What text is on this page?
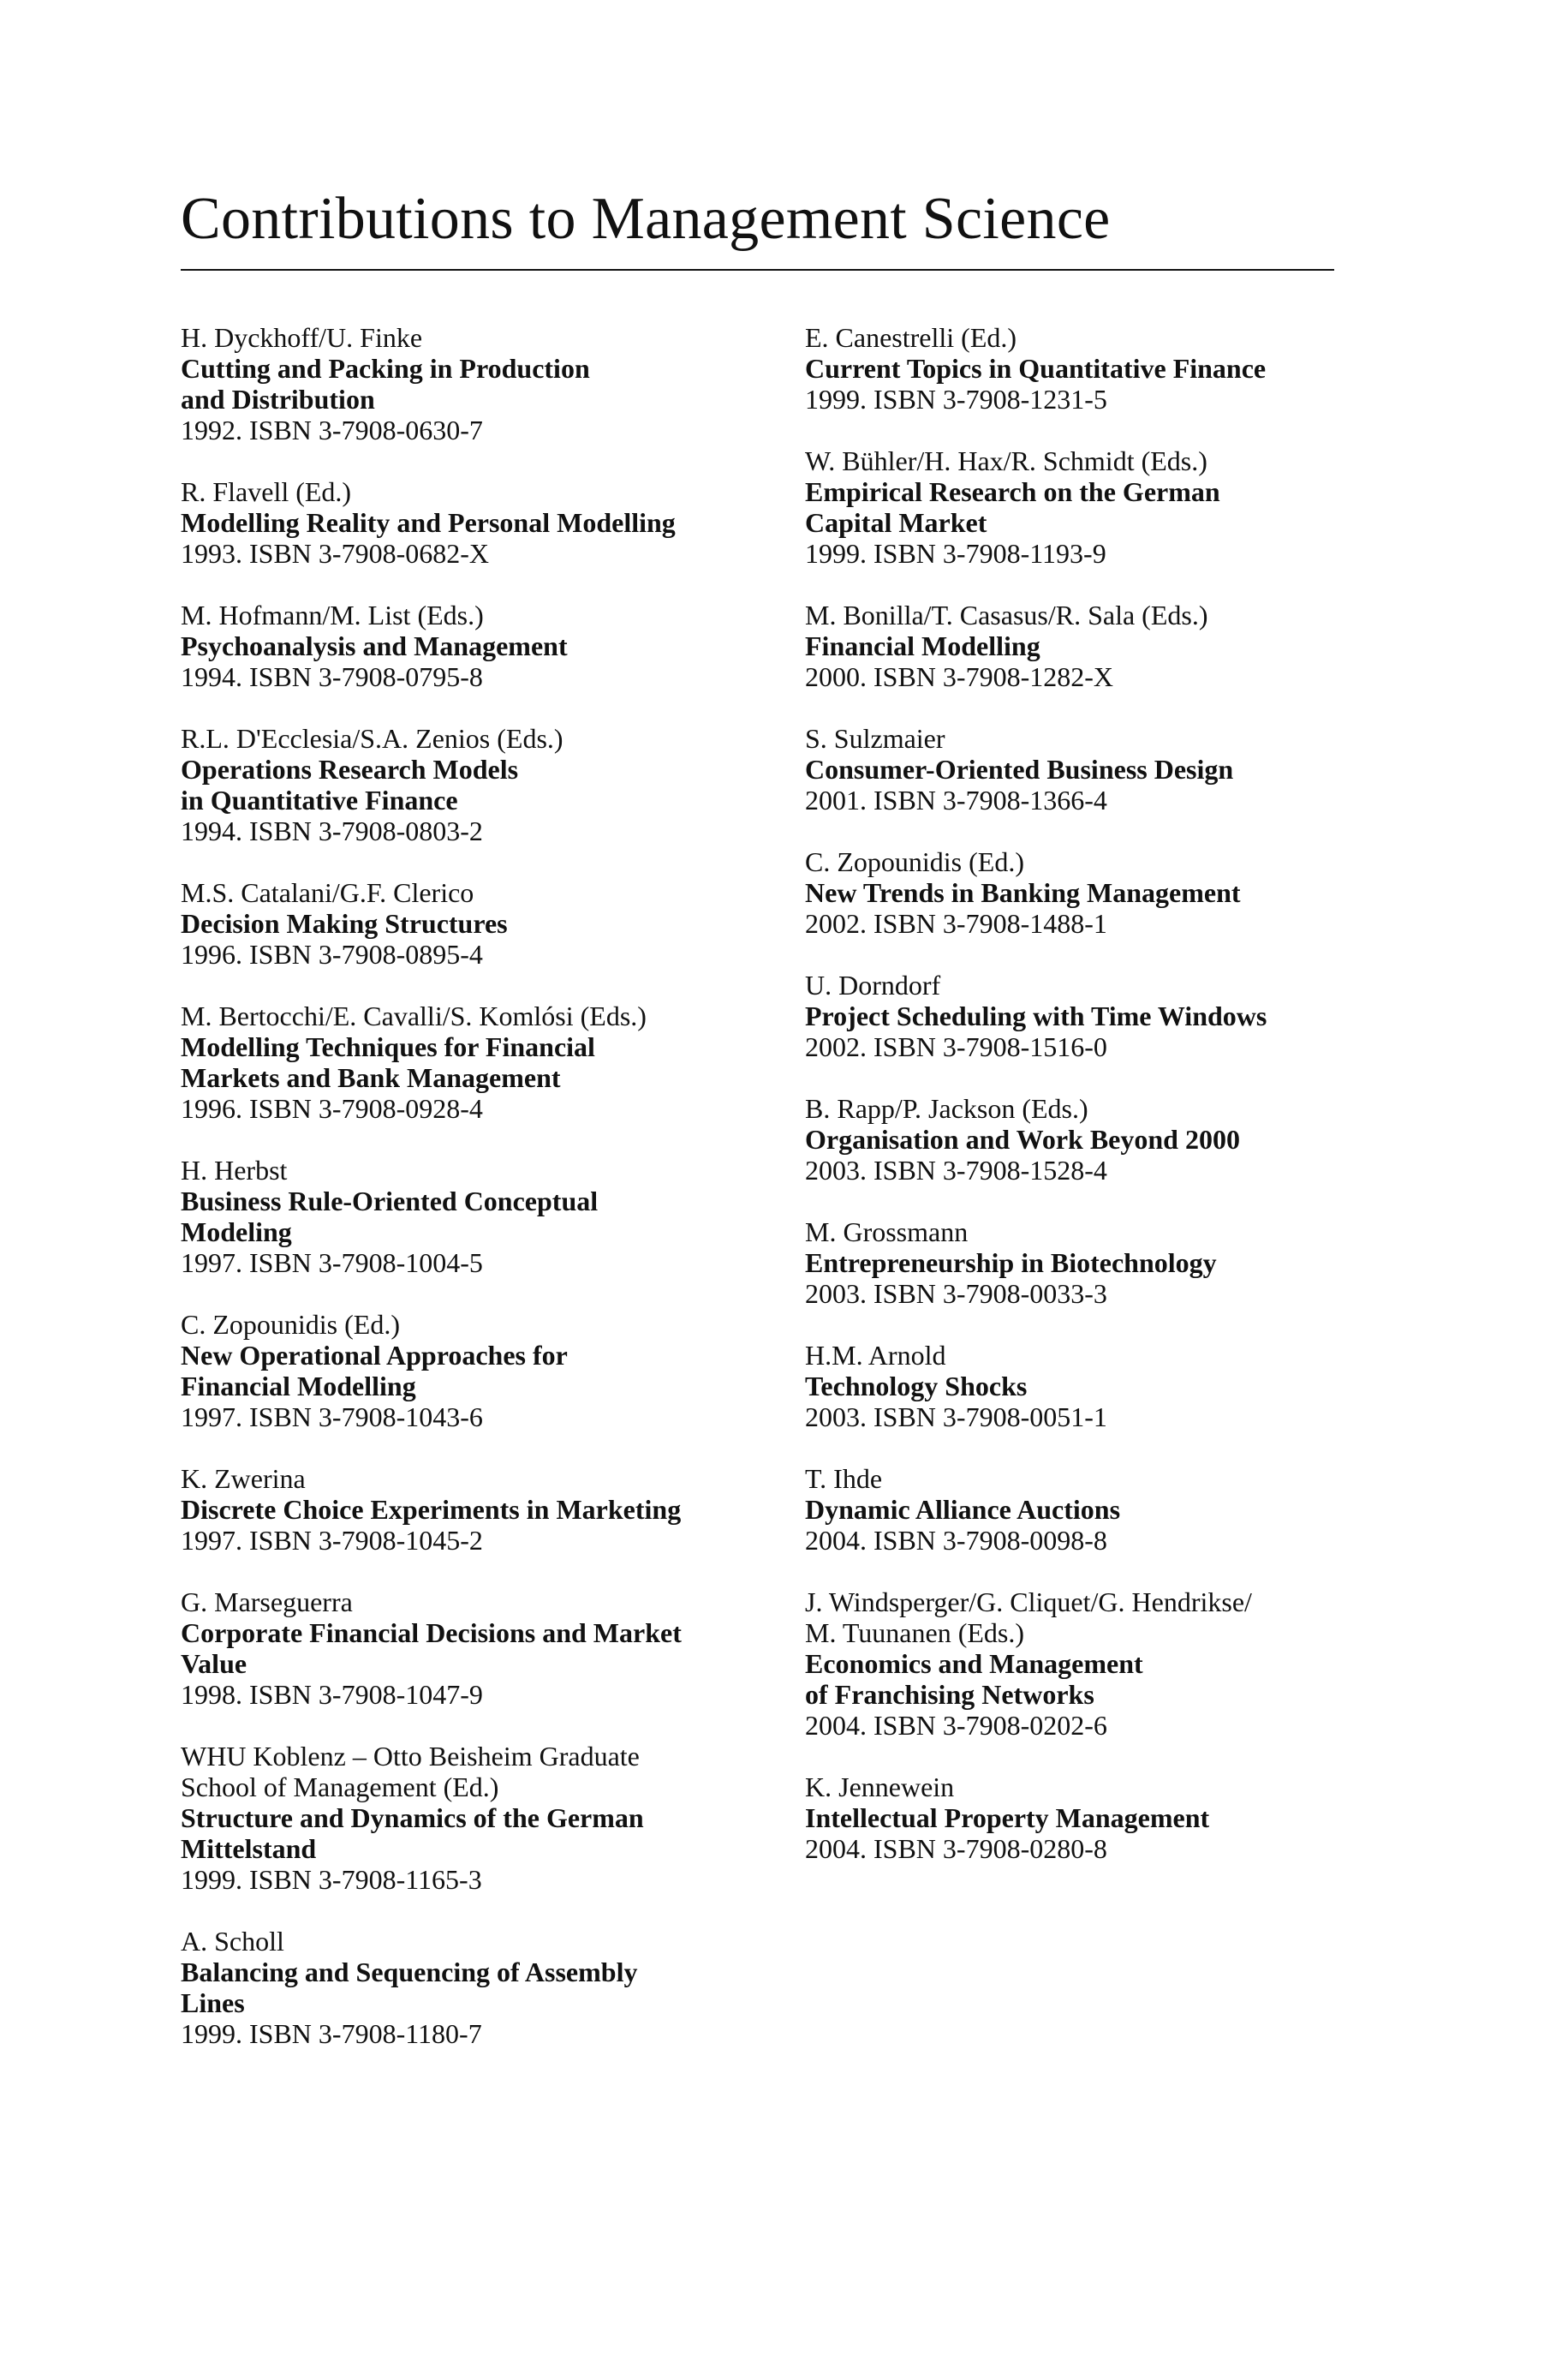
Contributions to Management Science
H. Dyckhoff/U. Finke
Cutting and Packing in Production
and Distribution
1992. ISBN 3-7908-0630-7
R. Flavell (Ed.)
Modelling Reality and Personal Modelling
1993. ISBN 3-7908-0682-X
M. Hofmann/M. List (Eds.)
Psychoanalysis and Management
1994. ISBN 3-7908-0795-8
R.L. D'Ecclesia/S.A. Zenios (Eds.)
Operations Research Models
in Quantitative Finance
1994. ISBN 3-7908-0803-2
M.S. Catalani/G.F. Clerico
Decision Making Structures
1996. ISBN 3-7908-0895-4
M. Bertocchi/E. Cavalli/S. Komlósi (Eds.)
Modelling Techniques for Financial
Markets and Bank Management
1996. ISBN 3-7908-0928-4
H. Herbst
Business Rule-Oriented Conceptual
Modeling
1997. ISBN 3-7908-1004-5
C. Zopounidis (Ed.)
New Operational Approaches for
Financial Modelling
1997. ISBN 3-7908-1043-6
K. Zwerina
Discrete Choice Experiments in Marketing
1997. ISBN 3-7908-1045-2
G. Marseguerra
Corporate Financial Decisions and Market
Value
1998. ISBN 3-7908-1047-9
WHU Koblenz – Otto Beisheim Graduate
School of Management (Ed.)
Structure and Dynamics of the German
Mittelstand
1999. ISBN 3-7908-1165-3
A. Scholl
Balancing and Sequencing of Assembly
Lines
1999. ISBN 3-7908-1180-7
E. Canestrelli (Ed.)
Current Topics in Quantitative Finance
1999. ISBN 3-7908-1231-5
W. Bühler/H. Hax/R. Schmidt (Eds.)
Empirical Research on the German
Capital Market
1999. ISBN 3-7908-1193-9
M. Bonilla/T. Casasus/R. Sala (Eds.)
Financial Modelling
2000. ISBN 3-7908-1282-X
S. Sulzmaier
Consumer-Oriented Business Design
2001. ISBN 3-7908-1366-4
C. Zopounidis (Ed.)
New Trends in Banking Management
2002. ISBN 3-7908-1488-1
U. Dorndorf
Project Scheduling with Time Windows
2002. ISBN 3-7908-1516-0
B. Rapp/P. Jackson (Eds.)
Organisation and Work Beyond 2000
2003. ISBN 3-7908-1528-4
M. Grossmann
Entrepreneurship in Biotechnology
2003. ISBN 3-7908-0033-3
H.M. Arnold
Technology Shocks
2003. ISBN 3-7908-0051-1
T. Ihde
Dynamic Alliance Auctions
2004. ISBN 3-7908-0098-8
J. Windsperger/G. Cliquet/G. Hendrikse/
M. Tuunanen (Eds.)
Economics and Management
of Franchising Networks
2004. ISBN 3-7908-0202-6
K. Jennewein
Intellectual Property Management
2004. ISBN 3-7908-0280-8
